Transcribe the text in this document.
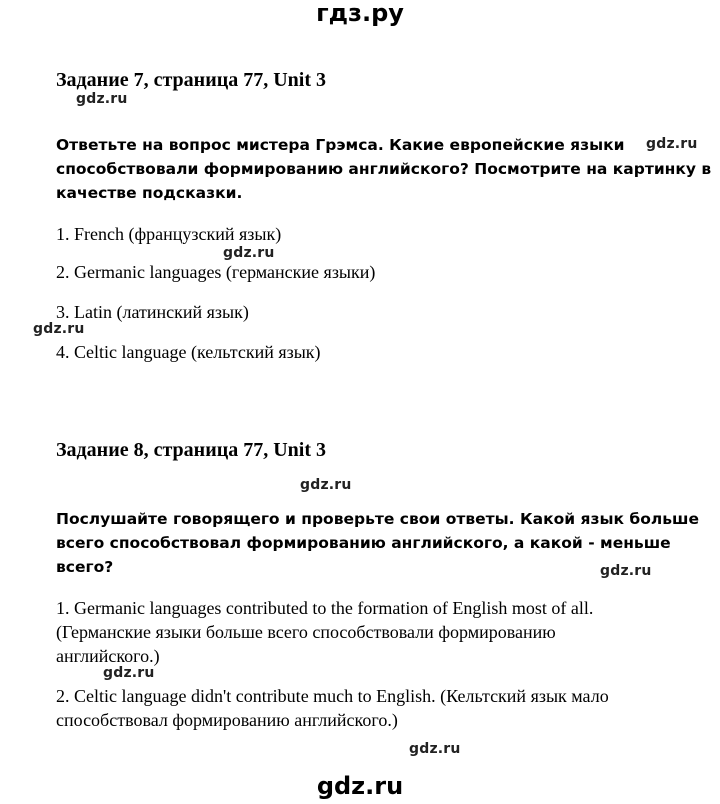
гдз.ру
Задание 7, страница 77, Unit 3
gdz.ru
Ответьте на вопрос мистера Грэмса. Какие европейские языки
способствовали формированию английского? Посмотрите на картинку в
качестве подсказки.
gdz.ru
1. French (французский язык)
gdz.ru
2. Germanic languages (германские языки)
3. Latin (латинский язык)
gdz.ru
4. Celtic language (кельтский язык)
Задание 8, страница 77, Unit 3
gdz.ru
Послушайте говорящего и проверьте свои ответы. Какой язык больше
всего способствовал формированию английского, а какой - меньше
всего?	gdz.ru
1. Germanic languages contributed to the formation of English most of all.
(Германские языки больше всего способствовали формированию
английского.)
gdz.ru
2. Celtic language didn't contribute much to English. (Кельтский язык мало
способствовал формированию английского.)
gdz.ru
gdz.ru
